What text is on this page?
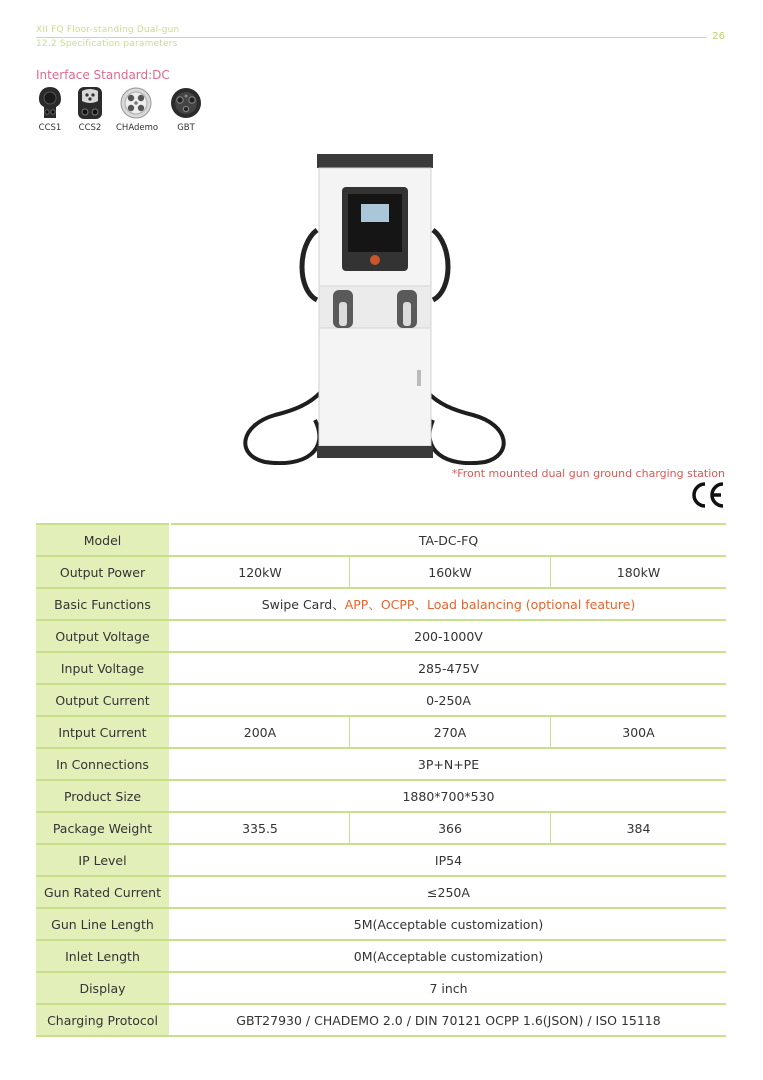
XII FQ Floor-standing Dual-gun
12.2 Specification parameters
26
Interface Standard:DC
CCS1	CCS2	CHAdemo	GBT
*Front mounted dual gun ground charging station
Model	TA-DC-FQ		
Output Power	120kW	160kW	180kW
Basic Functions	Swipe Card、APP、OCPP、Load balancing (optional feature)		
Output Voltage	200-1000V		
Input Voltage	285-475V		
Output Current	0-250A		
Intput Current	200A	270A	300A
In Connections	3P+N+PE		
Product Size	1880*700*530		
Package Weight	335.5	366	384
IP Level	IP54		
Gun Rated Current	≤250A		
Gun Line Length	5M(Acceptable customization)		
Inlet Length	0M(Acceptable customization)		
Display	7 inch		
Charging Protocol	GBT27930 / CHADEMO 2.0 / DIN 70121 OCPP 1.6(JSON) / ISO 15118		
